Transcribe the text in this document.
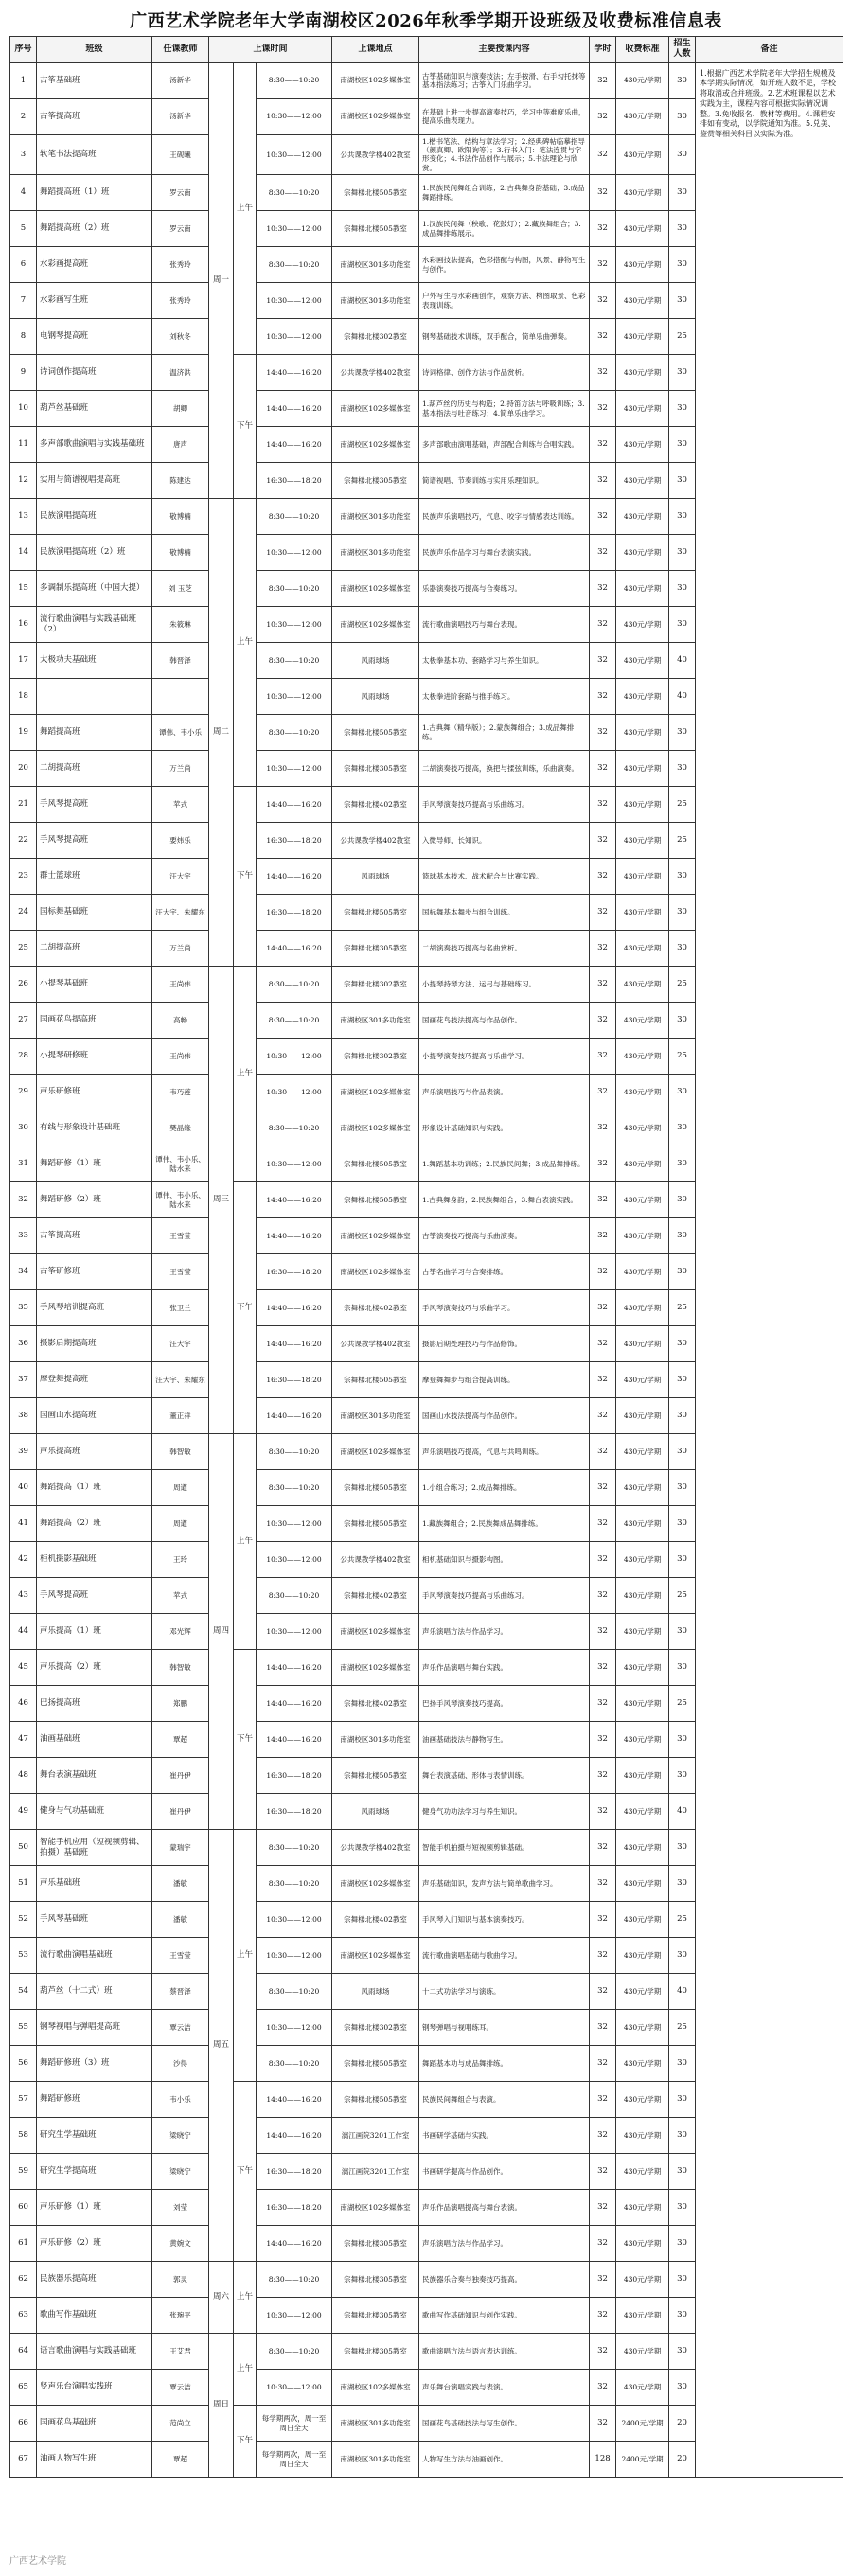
广西艺术学院老年大学南湖校区2026年秋季学期开设班级及收费标准信息表
序号	班级	任课教师	上课时间			上课地点	主要授课内容	学时	收费标准	招生人数	备注
1	古筝基础班	汤新华	周一	上午	8:30——10:20	南湖校区102多媒体室	古筝基础知识与演奏技法；左手按滑、右手勾托抹等基本指法练习；古筝入门乐曲学习。	32	430元/学期	30	1.根据广西艺术学院老年大学招生规模及本学期实际情况，如开班人数不足，学校将取消或合并班级。2.艺术班课程以艺术实践为主，课程内容可根据实际情况调整。3.免收报名、教材等费用。4.课程安排如有变动，以学院通知为准。5.兑美、鉴赏等相关科目以实际为准。
2	古筝提高班	汤新华			10:30——12:00	南湖校区102多媒体室	在基础上进一步提高演奏技巧，学习中等难度乐曲，提高乐曲表现力。	32	430元/学期	30	
3	软笔书法提高班	王砚曦			10:30——12:00	公共课教学楼402教室	1.楷书笔法、结构与章法学习；2.经典碑帖临摹指导（颜真卿、欧阳询等）；3.行书入门：笔法连贯与字形变化；4.书法作品创作与展示；5.书法理论与欣赏。	32	430元/学期	30	
4	舞蹈提高班（1）班	罗云南			8:30——10:20	宗舞楼北楼505教室	1.民族民间舞组合训练；2.古典舞身韵基础；3.成品舞蹈排练。	32	430元/学期	30	
5	舞蹈提高班（2）班	罗云南			10:30——12:00	宗舞楼北楼505教室	1.汉族民间舞（秧歌、花鼓灯）；2.藏族舞组合；3.成品舞排练展示。	32	430元/学期	30	
6	水彩画提高班	张秀玲			8:30——10:20	南湖校区301多功能室	水彩画技法提高，色彩搭配与构图，风景、静物写生与创作。	32	430元/学期	30	
7	水彩画写生班	张秀玲			10:30——12:00	南湖校区301多功能室	户外写生与水彩画创作，观察方法、构图取景、色彩表现训练。	32	430元/学期	30	
8	电钢琴提高班	刘秋冬			10:30——12:00	宗舞楼北楼302教室	钢琴基础技术训练，双手配合，简单乐曲弹奏。	32	430元/学期	25	
9	诗词创作提高班	温济洪		下午	14:40——16:20	公共课教学楼402教室	诗词格律、创作方法与作品赏析。	32	430元/学期	30	
10	葫芦丝基础班	胡卿			14:40——16:20	南湖校区102多媒体室	1.葫芦丝的历史与构造；2.持笛方法与呼吸训练；3.基本指法与吐音练习；4.简单乐曲学习。	32	430元/学期	30	
11	多声部歌曲演唱与实践基础班	唐声			14:40——16:20	南湖校区102多媒体室	多声部歌曲演唱基础，声部配合训练与合唱实践。	32	430元/学期	30	
12	实用与简谱视唱提高班	陈建达			16:30——18:20	宗舞楼北楼305教室	简谱视唱、节奏训练与实用乐理知识。	32	430元/学期	30	
13	民族演唱提高班	敬博楠	周二	上午	8:30——10:20	南湖校区301多功能室	民族声乐演唱技巧，气息、咬字与情感表达训练。	32	430元/学期	30	
14	民族演唱提高班（2）班	敬博楠			10:30——12:00	南湖校区301多功能室	民族声乐作品学习与舞台表演实践。	32	430元/学期	30	
15	多调制乐提高班（中国大提）	刘 玉芝			8:30——10:20	南湖校区102多媒体室	乐器演奏技巧提高与合奏练习。	32	430元/学期	30	
16	流行歌曲演唱与实践基础班（2）	朱筱琳			10:30——12:00	南湖校区102多媒体室	流行歌曲演唱技巧与舞台表现。	32	430元/学期	30	
17	太极功夫基础班	韩晋泽			8:30——10:20	风雨球场	太极拳基本功、套路学习与养生知识。	32	430元/学期	40	
18					10:30——12:00	风雨球场	太极拳进阶套路与推手练习。	32	430元/学期	40	
19	舞蹈提高班	谭伟、韦小乐			8:30——10:20	宗舞楼北楼505教室	1.古典舞（精华版）；2.蒙族舞组合；3.成品舞排练。	32	430元/学期	30	
20	二胡提高班	万兰尚			10:30——12:00	宗舞楼北楼305教室	二胡演奏技巧提高，换把与揉弦训练，乐曲演奏。	32	430元/学期	30	
21	手风琴提高班	苹式		下午	14:40——16:20	宗舞楼北楼402教室	手风琴演奏技巧提高与乐曲练习。	32	430元/学期	25	
22	手风琴提高班	要炜乐			16:30——18:20	公共课教学楼402教室	入微导师，长知识。	32	430元/学期	25	
23	群士篮球班	汪大宇			14:40——16:20	风雨球场	篮球基本技术、战术配合与比赛实践。	32	430元/学期	30	
24	国标舞基础班	汪大宇、朱耀东			16:30——18:20	宗舞楼北楼505教室	国标舞基本舞步与组合训练。	32	430元/学期	30	
25	二胡提高班	万兰尚			14:40——16:20	宗舞楼北楼305教室	二胡演奏技巧提高与名曲赏析。	32	430元/学期	30	
26	小提琴基础班	王尚伟	周三	上午	8:30——10:20	宗舞楼北楼302教室	小提琴持琴方法、运弓与基础练习。	32	430元/学期	25	
27	国画花鸟提高班	高畅			8:30——10:20	南湖校区301多功能室	国画花鸟技法提高与作品创作。	32	430元/学期	30	
28	小提琴研修班	王尚伟			10:30——12:00	宗舞楼北楼302教室	小提琴演奏技巧提高与乐曲学习。	32	430元/学期	25	
29	声乐研修班	韦巧莲			10:30——12:00	南湖校区102多媒体室	声乐演唱技巧与作品表演。	32	430元/学期	30	
30	有线与形象设计基础班	樊晶缘			8:30——10:20	南湖校区102多媒体室	形象设计基础知识与实践。	32	430元/学期	30	
31	舞蹈研修（1）班	谭伟、韦小乐、陆水来			10:30——12:00	宗舞楼北楼505教室	1.舞蹈基本功训练；2.民族民间舞；3.成品舞排练。	32	430元/学期	30	
32	舞蹈研修（2）班	谭伟、韦小乐、陆水来		下午	14:40——16:20	宗舞楼北楼505教室	1.古典舞身韵；2.民族舞组合；3.舞台表演实践。	32	430元/学期	30	
33	古筝提高班	王雪莹			14:40——16:20	南湖校区102多媒体室	古筝演奏技巧提高与乐曲演奏。	32	430元/学期	30	
34	古筝研修班	王雪莹			16:30——18:20	南湖校区102多媒体室	古筝名曲学习与合奏排练。	32	430元/学期	30	
35	手风琴培训提高班	张卫兰			14:40——16:20	宗舞楼北楼402教室	手风琴演奏技巧与乐曲学习。	32	430元/学期	25	
36	摄影后期提高班	汪大宇			14:40——16:20	公共课教学楼402教室	摄影后期处理技巧与作品修饰。	32	430元/学期	30	
37	摩登舞提高班	汪大宇、朱耀东			16:30——18:20	宗舞楼北楼505教室	摩登舞舞步与组合提高训练。	32	430元/学期	30	
38	国画山水提高班	董正祥			14:40——16:20	南湖校区301多功能室	国画山水技法提高与作品创作。	32	430元/学期	30	
39	声乐提高班	韩智敏	周四	上午	8:30——10:20	南湖校区102多媒体室	声乐演唱技巧提高，气息与共鸣训练。	32	430元/学期	30	
40	舞蹈提高（1）班	周遒			8:30——10:20	宗舞楼北楼505教室	1.小组合练习；2.成品舞排练。	32	430元/学期	30	
41	舞蹈提高（2）班	周遒			10:30——12:00	宗舞楼北楼505教室	1.藏族舞组合；2.民族舞成品舞排练。	32	430元/学期	30	
42	柜机摄影基础班	王玲			10:30——12:00	公共课教学楼402教室	相机基础知识与摄影构图。	32	430元/学期	30	
43	手风琴提高班	苹式			8:30——10:20	宗舞楼北楼402教室	手风琴演奏技巧提高与乐曲练习。	32	430元/学期	25	
44	声乐提高（1）班	邓光辉			10:30——12:00	南湖校区102多媒体室	声乐演唱方法与作品学习。	32	430元/学期	30	
45	声乐提高（2）班	韩智敏		下午	14:40——16:20	南湖校区102多媒体室	声乐作品演唱与舞台实践。	32	430元/学期	30	
46	巴扬提高班	郑鹏			14:40——16:20	宗舞楼北楼402教室	巴扬手风琴演奏技巧提高。	32	430元/学期	25	
47	油画基础班	覃超			14:40——16:20	南湖校区301多功能室	油画基础技法与静物写生。	32	430元/学期	30	
48	舞台表演基础班	崔丹伊			16:30——18:20	宗舞楼北楼505教室	舞台表演基础、形体与表情训练。	32	430元/学期	30	
49	健身与气功基础班	崔丹伊			16:30——18:20	风雨球场	健身气功功法学习与养生知识。	32	430元/学期	40	
50	智能手机应用（短视频剪辑、拍摄）基础班	蒙瑞宇	周五	上午	8:30——10:20	公共课教学楼402教室	智能手机拍摄与短视频剪辑基础。	32	430元/学期	30	
51	声乐基础班	潘敏			8:30——10:20	南湖校区102多媒体室	声乐基础知识，发声方法与简单歌曲学习。	32	430元/学期	30	
52	手风琴基础班	潘敏			10:30——12:00	宗舞楼北楼402教室	手风琴入门知识与基本演奏技巧。	32	430元/学期	25	
53	流行歌曲演唱基础班	王雪莹			10:30——12:00	南湖校区102多媒体室	流行歌曲演唱基础与歌曲学习。	32	430元/学期	30	
54	葫芦丝（十二式）班	蔡晋泽			8:30——10:20	风雨球场	十二式功法学习与演练。	32	430元/学期	40	
55	钢琴视唱与弹唱提高班	覃云洁			10:30——12:00	宗舞楼北楼302教室	钢琴弹唱与视唱练耳。	32	430元/学期	25	
56	舞蹈研修班（3）班	沙得			8:30——10:20	宗舞楼北楼505教室	舞蹈基本功与成品舞排练。	32	430元/学期	30	
57	舞蹈研修班	韦小乐		下午	14:40——16:20	宗舞楼北楼505教室	民族民间舞组合与表演。	32	430元/学期	30	
58	研究生学基础班	梁晓宁			14:40——16:20	漓江画院3201工作室	书画研学基础与实践。	32	430元/学期	30	
59	研究生学提高班	梁晓宁			16:30——18:20	漓江画院3201工作室	书画研学提高与作品创作。	32	430元/学期	30	
60	声乐研修（1）班	刘莹			16:30——18:20	南湖校区102多媒体室	声乐作品演唱提高与舞台表演。	32	430元/学期	30	
61	声乐研修（2）班	黄婉文			14:40——16:20	宗舞楼北楼305教室	声乐演唱方法与作品学习。	32	430元/学期	30	
62	民族器乐提高班	郭灵	周六	上午	8:30——10:20	宗舞楼北楼305教室	民族器乐合奏与独奏技巧提高。	32	430元/学期	30	
63	歌曲写作基础班	张琬平			10:30——12:00	宗舞楼北楼305教室	歌曲写作基础知识与创作实践。	32	430元/学期	30	
64	语言歌曲演唱与实践基础班	王艾君	周日	上午	8:30——10:20	宗舞楼北楼305教室	歌曲演唱方法与语言表达训练。	32	430元/学期	30	
65	竖声乐台演唱实践班	覃云洁			10:30——12:00	南湖校区102多媒体室	声乐舞台演唱实践与表演。	32	430元/学期	30	
66	国画花鸟基础班	范尚立		下午	每学期两次，周一至周日全天	南湖校区301多功能室	国画花鸟基础技法与写生创作。	32	2400元/学期	20	
67	油画人物写生班	覃超			每学期两次，周一至周日全天	南湖校区301多功能室	人物写生方法与油画创作。	128	2400元/学期	20	
广西艺术学院
